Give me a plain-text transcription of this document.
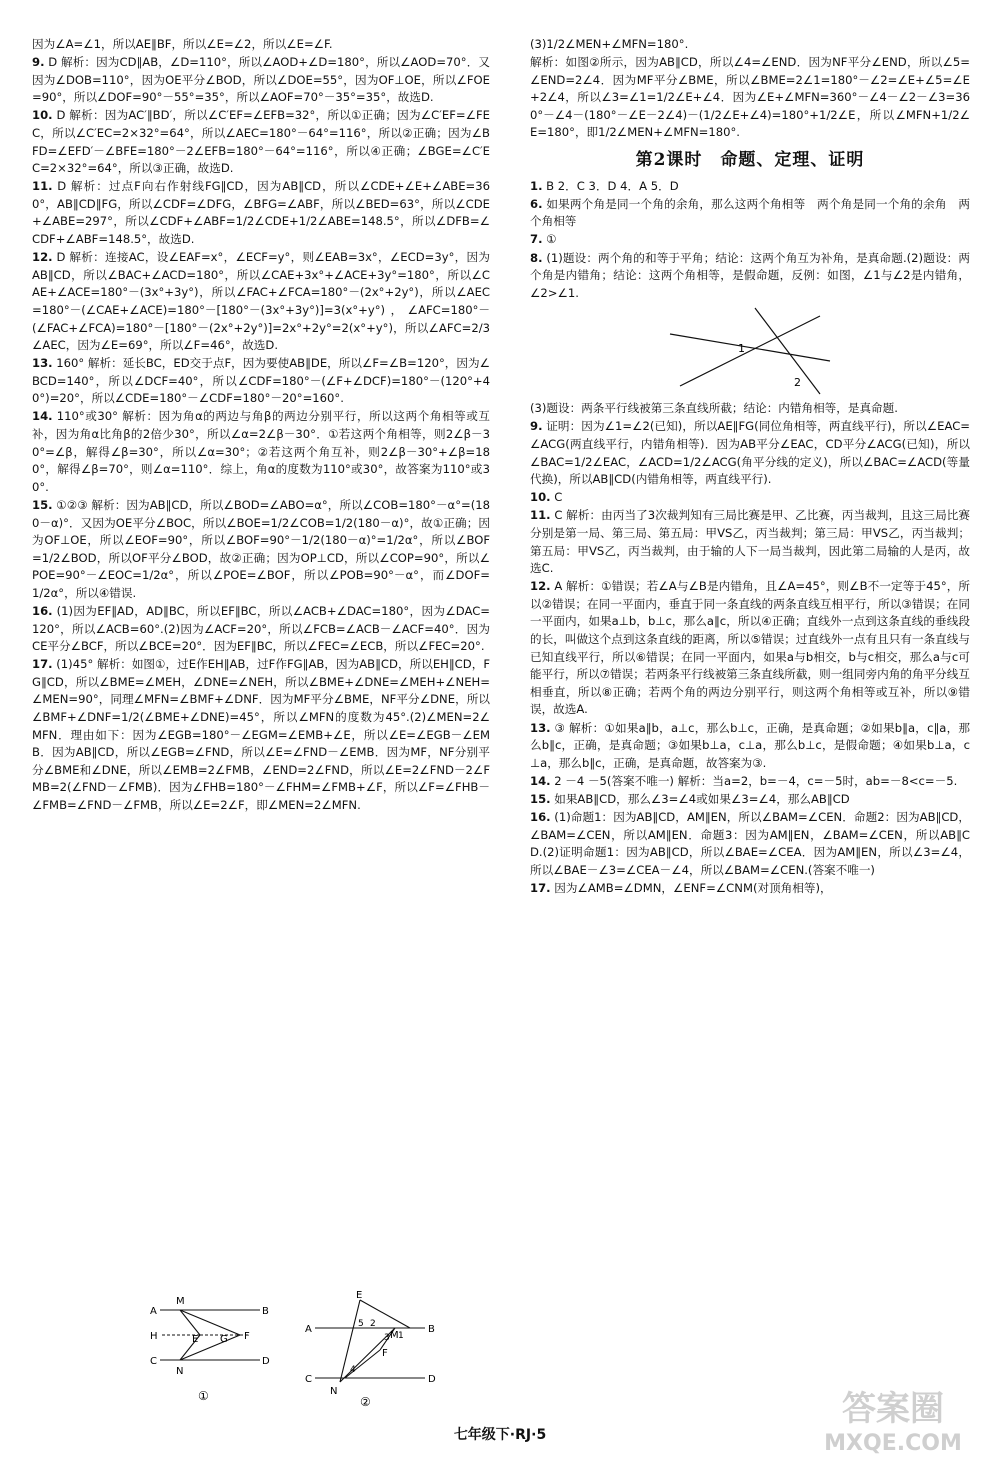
因为∠A=∠1，所以AE∥BF，所以∠E=∠2，所以∠E=∠F.
9. D 解析：因为CD∥AB，∠D=110°，所以∠AOD+∠D=180°，所以∠AOD=70°．又因为∠DOB=110°，因为OE平分∠BOD，所以∠DOE=55°，因为OF⊥OE，所以∠FOE=90°，所以∠DOF=90°－55°=35°，所以∠AOF=70°－35°=35°，故选D.
10. D 解析：因为AC′∥BD′，所以∠C′EF=∠EFB=32°，所以①正确；因为∠C′EF=∠FEC，所以∠C′EC=2×32°=64°，所以∠AEC=180°－64°=116°，所以②正确；因为∠BFD=∠EFD′－∠BFE=180°－2∠EFB=180°－64°=116°，所以④正确；∠BGE=∠C′EC=2×32°=64°，所以③正确，故选D.
11. D 解析：过点F向右作射线FG∥CD，因为AB∥CD，所以∠CDE+∠E+∠ABE=360°，AB∥CD∥FG，所以∠CDF=∠DFG，∠BFG=∠ABF，所以∠BED=63°，所以∠CDE+∠ABE=297°，所以∠CDF+∠ABF=1/2∠CDE+1/2∠ABE=148.5°，所以∠DFB=∠CDF+∠ABF=148.5°，故选D.
12. D 解析：连接AC，设∠EAF=x°，∠ECF=y°，则∠EAB=3x°，∠ECD=3y°，因为AB∥CD，所以∠BAC+∠ACD=180°，所以∠CAE+3x°+∠ACE+3y°=180°，所以∠CAE+∠ACE=180°－(3x°+3y°)，所以∠FAC+∠FCA=180°－(2x°+2y°)，所以∠AEC=180°－(∠CAE+∠ACE)=180°－[180°－(3x°+3y°)]=3(x°+y°)，∠AFC=180°－(∠FAC+∠FCA)=180°－[180°－(2x°+2y°)]=2x°+2y°=2(x°+y°)，所以∠AFC=2/3∠AEC，因为∠E=69°，所以∠F=46°，故选D.
13. 160° 解析：延长BC，ED交于点F，因为要使AB∥DE，所以∠F=∠B=120°，因为∠BCD=140°，所以∠DCF=40°，所以∠CDF=180°－(∠F+∠DCF)=180°－(120°+40°)=20°，所以∠CDE=180°－∠CDF=180°－20°=160°.
14. 110°或30° 解析：因为角α的两边与角β的两边分别平行，所以这两个角相等或互补，因为角α比角β的2倍少30°，所以∠α=2∠β－30°．①若这两个角相等，则2∠β－30°=∠β，解得∠β=30°，所以∠α=30°；②若这两个角互补，则2∠β－30°+∠β=180°，解得∠β=70°，则∠α=110°．综上，角α的度数为110°或30°，故答案为110°或30°.
15. ①②③ 解析：因为AB∥CD，所以∠BOD=∠ABO=α°，所以∠COB=180°－α°=(180－α)°．又因为OE平分∠BOC，所以∠BOE=1/2∠COB=1/2(180－α)°，故①正确；因为OF⊥OE，所以∠EOF=90°，所以∠BOF=90°－1/2(180－α)°=1/2α°，所以∠BOF=1/2∠BOD，所以OF平分∠BOD，故②正确；因为OP⊥CD，所以∠COP=90°，所以∠POE=90°－∠EOC=1/2α°，所以∠POE=∠BOF，所以∠POB=90°－α°，而∠DOF=1/2α°，所以④错误.
16. (1)因为EF∥AD，AD∥BC，所以EF∥BC，所以∠ACB+∠DAC=180°，因为∠DAC=120°，所以∠ACB=60°.(2)因为∠ACF=20°，所以∠FCB=∠ACB－∠ACF=40°．因为CE平分∠BCF，所以∠BCE=20°．因为EF∥BC，所以∠FEC=∠ECB，所以∠FEC=20°.
17. (1)45° 解析：如图①，过E作EH∥AB，过F作FG∥AB，因为AB∥CD，所以EH∥CD，FG∥CD，所以∠BME=∠MEH，∠DNE=∠NEH，所以∠BME+∠DNE=∠MEH+∠NEH=∠MEN=90°，同理∠MFN=∠BMF+∠DNF．因为MF平分∠BME，NF平分∠DNE，所以∠BMF+∠DNF=1/2(∠BME+∠DNE)=45°，所以∠MFN的度数为45°.(2)∠MEN=2∠MFN．理由如下：因为∠EGB=180°－∠EGM=∠EMB+∠E，所以∠E=∠EGB－∠EMB．因为AB∥CD，所以∠EGB=∠FND，所以∠E=∠FND－∠EMB．因为MF，NF分别平分∠BME和∠DNE，所以∠EMB=2∠FMB，∠END=2∠FND，所以∠E=2∠FND－2∠FMB=2(∠FND－∠FMB)．因为∠FHB=180°－∠FHM=∠FMB+∠F，所以∠F=∠FHB－∠FMB=∠FND－∠FMB，所以∠E=2∠F，即∠MEN=2∠MFN.
(3)1/2∠MEN+∠MFN=180°.
解析：如图②所示，因为AB∥CD，所以∠4=∠END．因为NF平分∠END，所以∠5=∠END=2∠4．因为MF平分∠BME，所以∠BME=2∠1=180°－∠2=∠E+∠5=∠E+2∠4，所以∠3=∠1=1/2∠E+∠4．因为∠E+∠MFN=360°－∠4－∠2－∠3=360°－∠4－(180°－∠E－2∠4)－(1/2∠E+∠4)=180°+1/2∠E，所以∠MFN+1/2∠E=180°，即1/2∠MEN+∠MFN=180°.
第2课时　命题、定理、证明
1. B 2．C 3．D 4．A 5．D
6. 如果两个角是同一个角的余角，那么这两个角相等　两个角是同一个角的余角　两个角相等
7. ①
8. (1)题设：两个角的和等于平角；结论：这两个角互为补角，是真命题.(2)题设：两个角是内错角；结论：这两个角相等，是假命题，反例：如图，∠1与∠2是内错角，∠2>∠1.
1
2
(3)题设：两条平行线被第三条直线所截；结论：内错角相等，是真命题.
9. 证明：因为∠1=∠2(已知)，所以AE∥FG(同位角相等，两直线平行)，所以∠EAC=∠ACG(两直线平行，内错角相等)．因为AB平分∠EAC，CD平分∠ACG(已知)，所以∠BAC=1/2∠EAC，∠ACD=1/2∠ACG(角平分线的定义)，所以∠BAC=∠ACD(等量代换)，所以AB∥CD(内错角相等，两直线平行).
10. C
11. C 解析：由丙当了3次裁判知有三局比赛是甲、乙比赛，丙当裁判，且这三局比赛分别是第一局、第三局、第五局：甲VS乙，丙当裁判；第三局：甲VS乙，丙当裁判；第五局：甲VS乙，丙当裁判，由于输的人下一局当裁判，因此第二局输的人是丙，故选C.
12. A 解析：①错误；若∠A与∠B是内错角，且∠A=45°，则∠B不一定等于45°，所以②错误；在同一平面内，垂直于同一条直线的两条直线互相平行，所以③错误；在同一平面内，如果a⊥b，b⊥c，那么a∥c，所以④正确；直线外一点到这条直线的垂线段的长，叫做这个点到这条直线的距离，所以⑤错误；过直线外一点有且只有一条直线与已知直线平行，所以⑥错误；在同一平面内，如果a与b相交，b与c相交，那么a与c可能平行，所以⑦错误；若两条平行线被第三条直线所截，则一组同旁内角的角平分线互相垂直，所以⑧正确；若两个角的两边分别平行，则这两个角相等或互补，所以⑨错误，故选A.
13. ③ 解析：①如果a∥b，a⊥c，那么b⊥c，正确，是真命题；②如果b∥a，c∥a，那么b∥c，正确，是真命题；③如果b⊥a，c⊥a，那么b⊥c，是假命题；④如果b⊥a，c⊥a，那么b∥c，正确，是真命题，故答案为③.
14. 2 －4 －5(答案不唯一) 解析：当a=2，b=－4，c=－5时，ab=－8<c=－5.
15. 如果AB∥CD，那么∠3=∠4或如果∠3=∠4，那么AB∥CD
16. (1)命题1：因为AB∥CD，AM∥EN，所以∠BAM=∠CEN．命题2：因为AB∥CD，∠BAM=∠CEN，所以AM∥EN．命题3：因为AM∥EN，∠BAM=∠CEN，所以AB∥CD.(2)证明命题1：因为AB∥CD，所以∠BAE=∠CEA．因为AM∥EN，所以∠3=∠4，所以∠BAE－∠3=∠CEA－∠4，所以∠BAM=∠CEN.(答案不唯一)
17. 因为∠AMB=∠DMN，∠ENF=∠CNM(对顶角相等)，
A
M
B
H	E G F
C
N
D
①
E
A	B
M
F
C
N
D
5 2
1
3
4
②
七年级下·RJ·5
答案圈
MXQE.COM
